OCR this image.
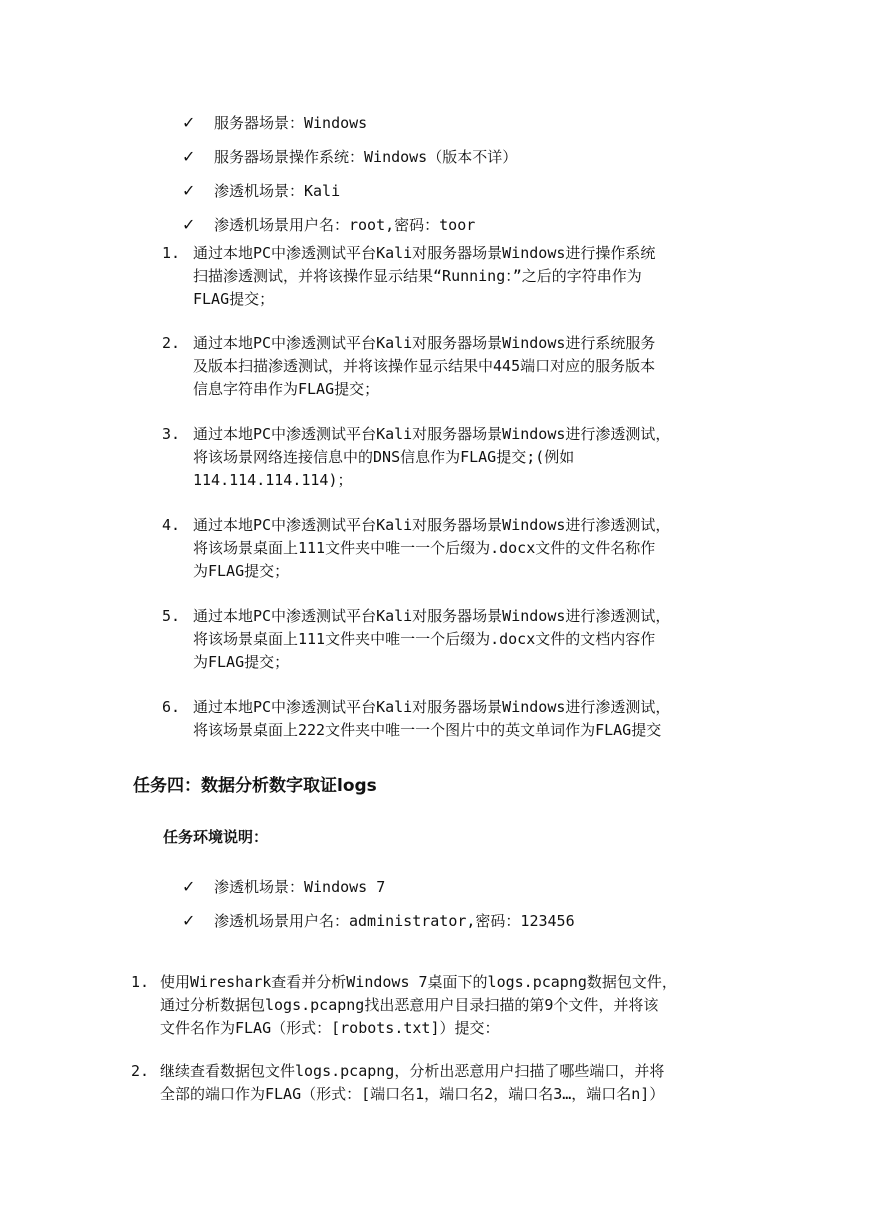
✓	服务器场景：Windows
✓	服务器场景操作系统：Windows（版本不详）
✓	渗透机场景：Kali
✓	渗透机场景用户名：root,密码：toor
1. 通过本地PC中渗透测试平台Kali对服务器场景Windows进行操作系统
扫描渗透测试，并将该操作显示结果“Running：”之后的字符串作为
FLAG提交；
2. 通过本地PC中渗透测试平台Kali对服务器场景Windows进行系统服务
及版本扫描渗透测试，并将该操作显示结果中445端口对应的服务版本
信息字符串作为FLAG提交；
3. 通过本地PC中渗透测试平台Kali对服务器场景Windows进行渗透测试，
将该场景网络连接信息中的DNS信息作为FLAG提交;(例如
114.114.114.114)；
4. 通过本地PC中渗透测试平台Kali对服务器场景Windows进行渗透测试，
将该场景桌面上111文件夹中唯一一个后缀为.docx文件的文件名称作
为FLAG提交；
5. 通过本地PC中渗透测试平台Kali对服务器场景Windows进行渗透测试，
将该场景桌面上111文件夹中唯一一个后缀为.docx文件的文档内容作
为FLAG提交；
6. 通过本地PC中渗透测试平台Kali对服务器场景Windows进行渗透测试，
将该场景桌面上222文件夹中唯一一个图片中的英文单词作为FLAG提交
任务四：数据分析数字取证logs
任务环境说明：
✓	渗透机场景：Windows 7
✓	渗透机场景用户名：administrator,密码：123456
1. 使用Wireshark查看并分析Windows 7桌面下的logs.pcapng数据包文件，
通过分析数据包logs.pcapng找出恶意用户目录扫描的第9个文件，并将该
文件名作为FLAG（形式：[robots.txt]）提交：
2. 继续查看数据包文件logs.pcapng，分析出恶意用户扫描了哪些端口，并将
全部的端口作为FLAG（形式：[端口名1，端口名2，端口名3…，端口名n]）
